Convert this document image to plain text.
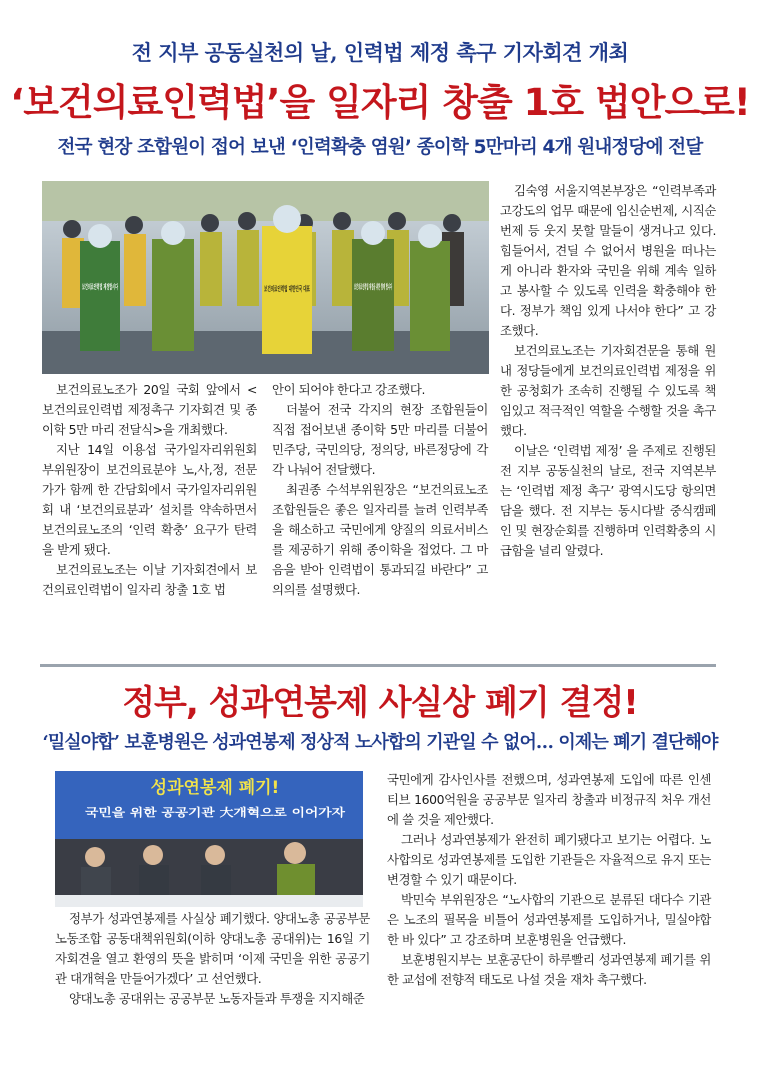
전 지부 공동실천의 날, 인력법 제정 촉구 기자회견 개최
‘보건의료인력법’을 일자리 창출 1호 법안으로!
전국 현장 조합원이 접어 보낸 ‘인력확충 염원’ 종이학 5만마리 4개 원내정당에 전달

보건의료노조가 20일 국회 앞에서 <보건의료인력법 제정촉구 기자회견 및 종이학 5만 마리 전달식>을 개최했다.

지난 14일 이용섭 국가일자리위원회 부위원장이 보건의료분야 노,사,정, 전문가가 함께 한 간담회에서 국가일자리위원회 내 ‘보건의료분과’ 설치를 약속하면서 보건의료노조의 ‘인력 확충’ 요구가 탄력을 받게 됐다.

보건의료노조는 이날 기자회견에서 보건의료인력법이 일자리 창출 1호 법

안이 되어야 한다고 강조했다.

더불어 전국 각지의 현장 조합원들이 직접 접어보낸 종이학 5만 마리를 더불어민주당, 국민의당, 정의당, 바른정당에 각각 나눠어 전달했다.

최권종 수석부위원장은 “보건의료노조 조합원들은 좋은 일자리를 늘려 인력부족을 해소하고 국민에게 양질의 의료서비스를 제공하기 위해 종이학을 접었다. 그 마음을 받아 인력법이 통과되길 바란다” 고 의의를 설명했다.

김숙영 서울지역본부장은 “인력부족과 고강도의 업무 때문에 임신순번제, 시직순번제 등 웃지 못할 말들이 생겨나고 있다. 힘들어서, 견딜 수 없어서 병원을 떠나는 게 아니라 환자와 국민을 위해 계속 일하고 봉사할 수 있도록 인력을 확충해야 한다. 정부가 책임 있게 나서야 한다” 고 강조했다.

보건의료노조는 기자회견문을 통해 원내 정당들에게 보건의료인력법 제정을 위한 공청회가 조속히 진행될 수 있도록 책임있고 적극적인 역할을 수행할 것을 촉구했다.

이날은 ‘인력법 제정’ 을 주제로 진행된 전 지부 공동실천의 날로, 전국 지역본부는 ‘인력법 제정 촉구’ 광역시도당 항의면담을 했다. 전 지부는 동시다발 중식캠페인 및 현장순회를 진행하며 인력확충의 시급함을 널리 알렸다.

정부, 성과연봉제 사실상 폐기 결정!
‘밀실야합’ 보훈병원은 성과연봉제 정상적 노사합의 기관일 수 없어… 이제는 폐기 결단해야
성과연봉제 폐기!
국민을 위한 공공기관 大개혁으로 이어가자

정부가 성과연봉제를 사실상 폐기했다. 양대노총 공공부문 노동조합 공동대책위원회(이하 양대노총 공대위)는 16일 기자회견을 열고 환영의 뜻을 밝히며 ‘이제 국민을 위한 공공기관 대개혁을 만들어가겠다’ 고 선언했다.

양대노총 공대위는 공공부문 노동자들과 투쟁을 지지해준

국민에게 감사인사를 전했으며, 성과연봉제 도입에 따른 인센티브 1600억원을 공공부문 일자리 창출과 비정규직 처우 개선에 쓸 것을 제안했다.

그러나 성과연봉제가 완전히 폐기됐다고 보기는 어렵다. 노사합의로 성과연봉제를 도입한 기관들은 자율적으로 유지 또는 변경할 수 있기 때문이다.

박민숙 부위원장은 “노사합의 기관으로 분류된 대다수 기관은 노조의 필목을 비틀어 성과연봉제를 도입하거나, 밀실야합한 바 있다” 고 강조하며 보훈병원을 언급했다.

보훈병원지부는 보훈공단이 하루빨리 성과연봉제 폐기를 위한 교섭에 전향적 태도로 나설 것을 재차 촉구했다.
